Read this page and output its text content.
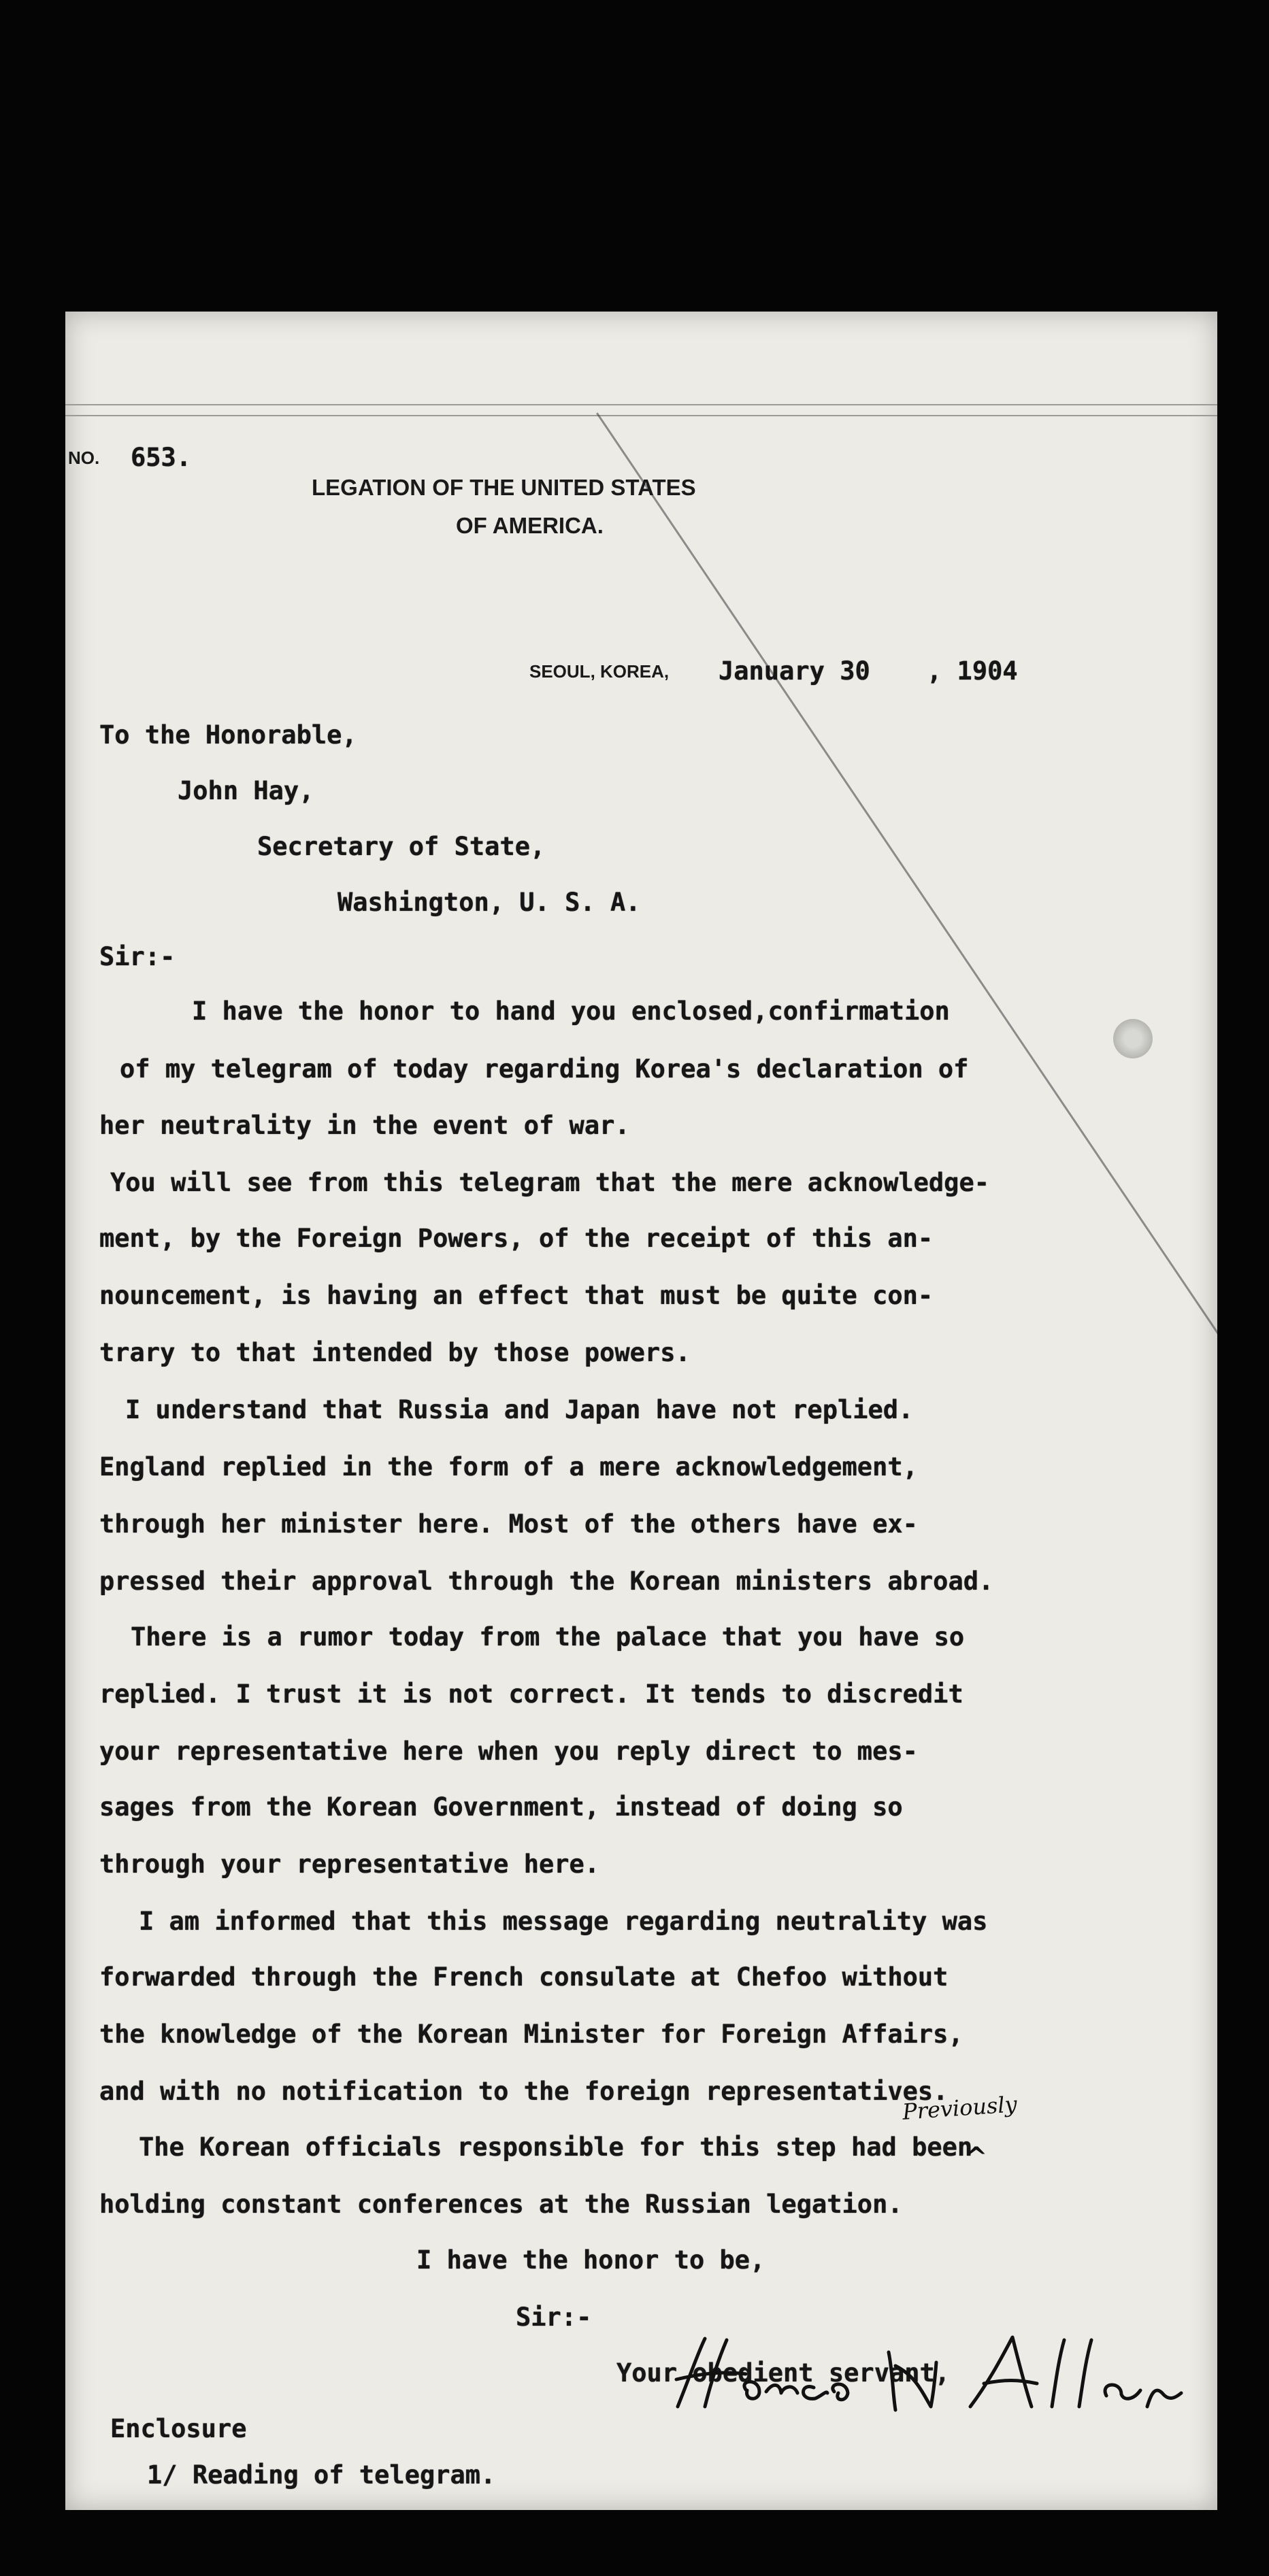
NO. 653.

LEGATION OF THE UNITED STATES

OF AMERICA.

SEOUL, KOREA, January 30 , 1904

To the Honorable,

John Hay,

Secretary of State,

Washington, U. S. A.

Sir:-

I have the honor to hand you enclosed,confirmation

of my telegram of today regarding Korea's declaration of

her neutrality in the event of war.

You will see from this telegram that the mere acknowledge-

ment, by the Foreign Powers, of the receipt of this an-

nouncement, is having an effect that must be quite con-

trary to that intended by those powers.

I understand that Russia and Japan have not replied.

England replied in the form of a mere acknowledgement,

through her minister here. Most of the others have ex-

pressed their approval through the Korean ministers abroad.

There is a rumor today from the palace that you have so

replied. I trust it is not correct. It tends to discredit

your representative here when you reply direct to mes-

sages from the Korean Government, instead of doing so

through your representative here.

I am informed that this message regarding neutrality was

forwarded through the French consulate at Chefoo without

the knowledge of the Korean Minister for Foreign Affairs,

and with no notification to the foreign representatives.

The Korean officials responsible for this step had been

holding constant conferences at the Russian legation.

Previously

^

I have the honor to be,

Sir:-

Your obedient servant,

Enclosure

1/ Reading of telegram.
